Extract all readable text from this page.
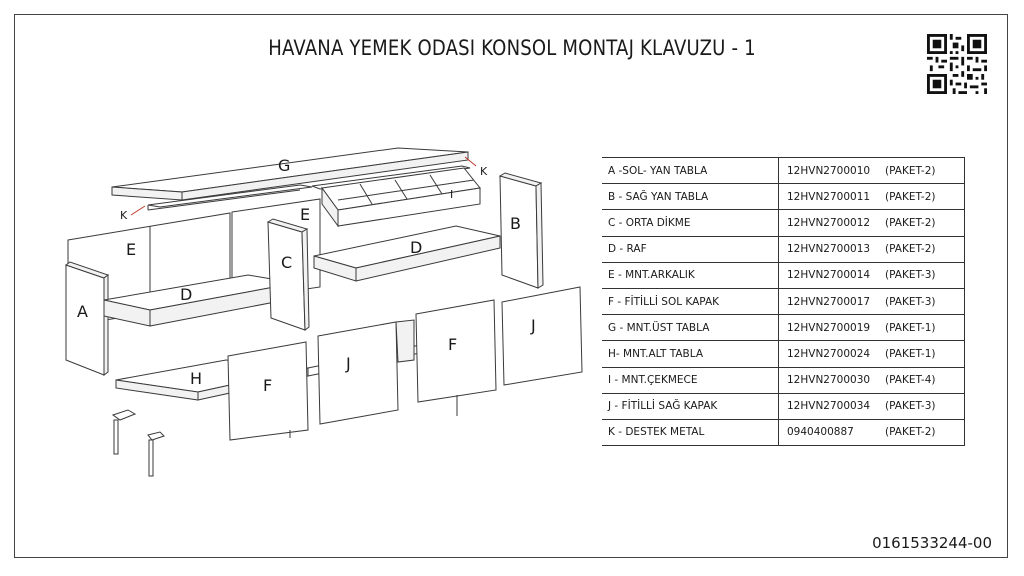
HAVANA YEMEK ODASI KONSOL MONTAJ KLAVUZU - 1
G	K
K
E
E
I
B
C
D
D
A
H	F
J
F
J
A -SOL- YAN TABLA	12HVN2700010	(PAKET-2)
B - SAĞ YAN TABLA	12HVN2700011	(PAKET-2)
C - ORTA DİKME	12HVN2700012	(PAKET-2)
D - RAF	12HVN2700013	(PAKET-2)
E - MNT.ARKALIK	12HVN2700014	(PAKET-3)
F - FİTİLLİ SOL KAPAK	12HVN2700017	(PAKET-3)
G - MNT.ÜST TABLA	12HVN2700019	(PAKET-1)
H- MNT.ALT TABLA	12HVN2700024	(PAKET-1)
I - MNT.ÇEKMECE	12HVN2700030	(PAKET-4)
J - FİTİLLİ SAĞ KAPAK	12HVN2700034	(PAKET-3)
K - DESTEK METAL	0940400887	(PAKET-2)
0161533244-00
